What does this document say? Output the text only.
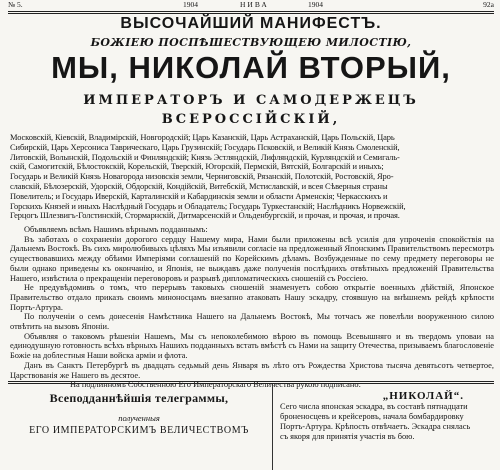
№ 5.	1904	НИВА	1904	92a
ВЫСОЧАЙШИЙ МАНИФЕСТЪ.
БОЖІЕЮ ПОСПѢШЕСТВУЮЩЕЮ МИЛОСТІЮ,
МЫ, НИКОЛАЙ ВТОРЫЙ,
ИМПЕРАТОРЪ И САМОДЕРЖЕЦЪ
ВСЕРОССІЙСКІЙ,
Московскій, Кіевскій, Владимірскій, Новгородскій; Царь Казанскій, Царь Астраханскій, Царь Польскій, Царь
Сибирскій, Царь Херсониса Таврическаго, Царь Грузинскій; Государь Псковскій, и Великій Князь Смоленскій,
Литовскій, Волынскій, Подольскій и Финляндскій; Князь Эстляндскій, Лифляндскій, Курляндскій и Семигаль-
скій, Самогитскій, Бѣлостокскій, Корельскій, Тверскій, Югорскій, Пермскій, Вятскій, Болгарскій и иныхъ;
Государь и Великій Князь Новагорода низовскія земли, Черниговскій, Рязанскій, Полотскій, Ростовскій, Яро-
славскій, Бѣлозерскій, Удорскій, Обдорскій, Кондійскій, Витебскій, Мстиславскій, и всея Сѣверныя страны
Повелитель; и Государь Иверскій, Карталинскій и Кабардинскія земли и области Арменскія; Черкасскихъ и
Горскихъ Князей и иныхъ Наслѣдный Государь и Обладатель; Государь Туркестанскій; Наслѣдникъ Норвежскій,
Герцогъ Шлезвигъ-Голстинскій, Стормарнскій, Дитмарсенскій и Ольденбургскій, и прочая, и прочая, и прочая.

Объявляемъ всѣмъ Нашимъ вѣрнымъ подданнымъ:

Въ заботахъ о сохраненіи дорогого сердцу Нашему мира, Нами были приложены всѣ усилія для упроченія спокойствія на Дальнемъ Востокѣ. Въ сихъ миролюбивыхъ цѣляхъ Мы изъявили согласіе на предложенный Японскимъ Правительствомъ пересмотръ существовавшихъ между обѣими Имперіями соглашеній по Корейскимъ дѣламъ. Возбужденные по сему предмету переговоры не были однако приведены къ окончанію, и Японія, не выждавъ даже полученія послѣднихъ отвѣтныхъ предложеній Правительства Нашего, извѣстила о прекращеніи переговоровъ и разрывѣ дипломатическихъ сношеній съ Россіею.

Не предувѣдомивъ о томъ, что перерывъ таковыхъ сношеній знаменуетъ собою открытіе военныхъ дѣйствій, Японское Правительство отдало приказъ своимъ миноносцамъ внезапно атаковать Нашу эскадру, стоявшую на внѣшнемъ рейдѣ крѣпости Портъ-Артура.

По полученіи о семъ донесенія Намѣстника Нашего на Дальнемъ Востокѣ, Мы тотчасъ же повелѣли вооруженною силою отвѣтить на вызовъ Японіи.

Объявляя о таковомъ рѣшеніи Нашемъ, Мы съ непоколебимою вѣрою въ помощь Всевышняго и въ твердомъ уповаи на единодушную готовность всѣхъ вѣрныхъ Нашихъ подданныхъ встать вмѣстѣ съ Нами на защиту Отечества, призываемъ благословеніе Божіе на доблестныя Наши войска арміи и флота.

Данъ въ Санктъ Петербургѣ въ двадцать седьмый день Января въ лѣто отъ Рождества Христова тысяча девятьсотъ четвертое, Царствованія же Нашего въ десятое.

На подлинномъ Собственною Его Императорскаго Величества рукою подписано:

„НИКОЛАЙ“.

Всеподданнѣйшія телеграммы,
полученныя
ЕГО ИМПЕРАТОРСКИМЪ ВЕЛИЧЕСТВОМЪ
Сего числа японская эскадра, въ составѣ пятнадцати
броненосцевъ и крейсеровъ, начала бомбардировку
Портъ-Артура. Крѣпость отвѣчаетъ. Эскадра снялась
съ якоря для принятія участія въ бою.
